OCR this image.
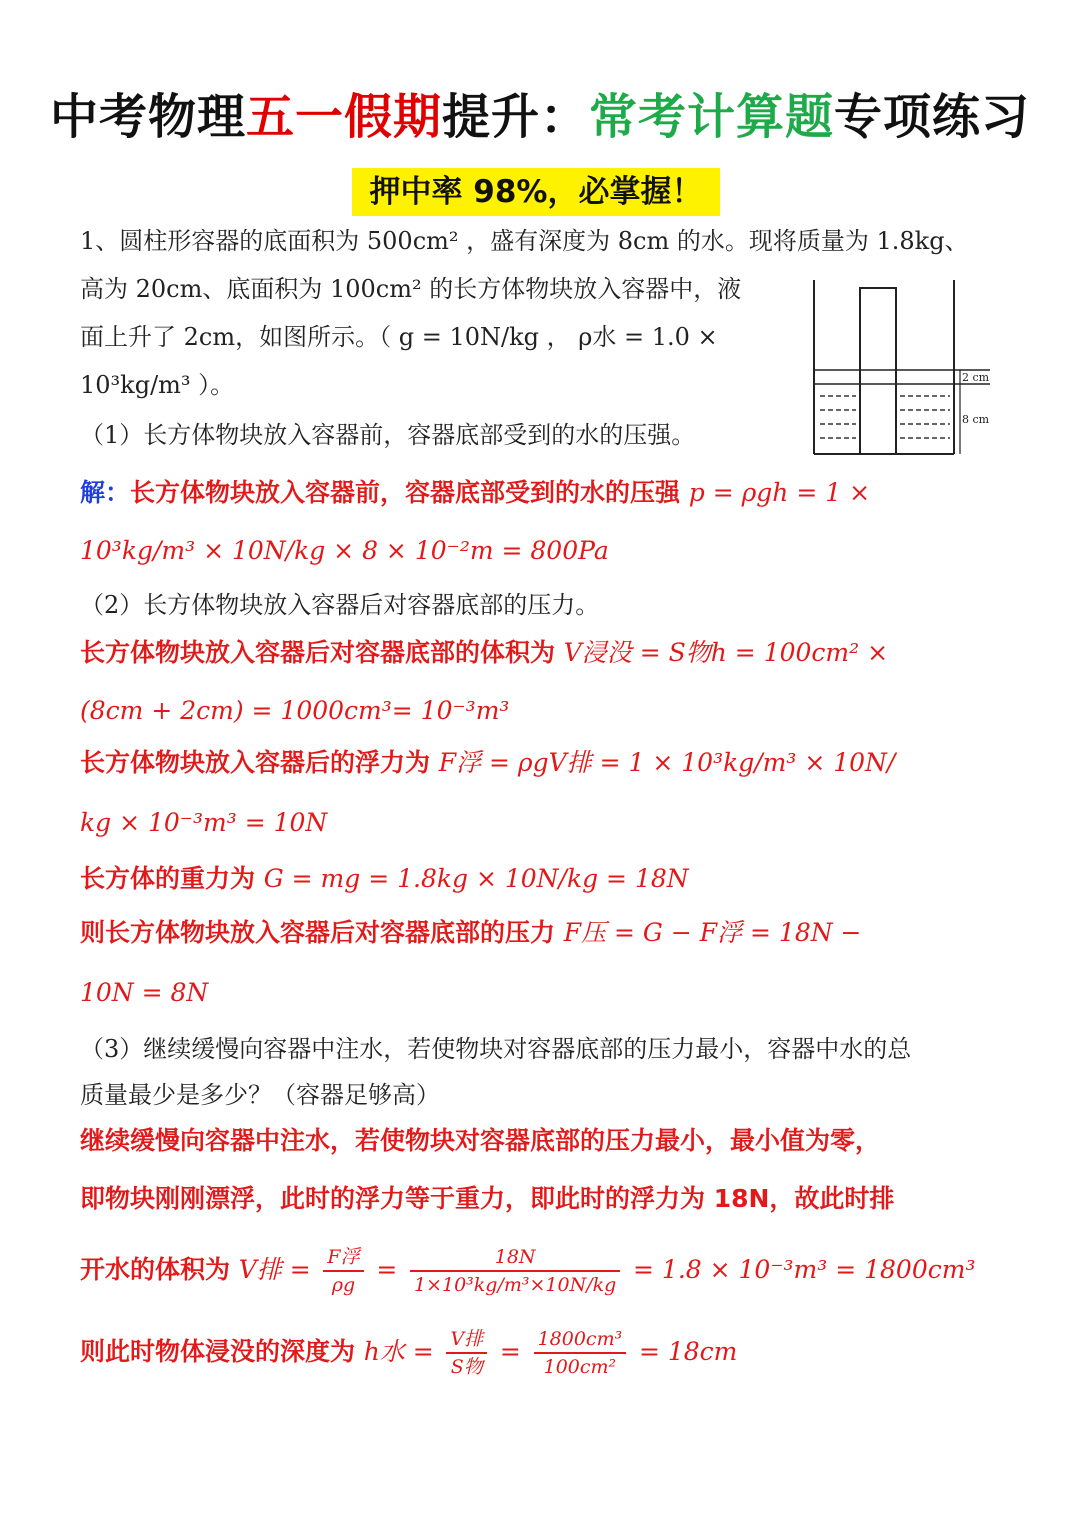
中考物理五一假期提升：常考计算题专项练习
押中率 98%，必掌握！
1、圆柱形容器的底面积为 500cm² ，盛有深度为 8cm 的水。现将质量为 1.8kg、
高为 20cm、底面积为 100cm² 的长方体物块放入容器中，液
面上升了 2cm，如图所示。（ g = 10N/kg ， ρ水 = 1.0 ×
10³kg/m³ ）。
（1）长方体物块放入容器前，容器底部受到的水的压强。
2 cm
8 cm
解：长方体物块放入容器前，容器底部受到的水的压强 p = ρgh = 1 ×
10³kg/m³ × 10N/kg × 8 × 10⁻²m = 800Pa
（2）长方体物块放入容器后对容器底部的压力。
长方体物块放入容器后对容器底部的体积为 V浸没 = S物h = 100cm² ×
(8cm + 2cm) = 1000cm³= 10⁻³m³
长方体物块放入容器后的浮力为 F浮 = ρgV排 = 1 × 10³kg/m³ × 10N/
kg × 10⁻³m³ = 10N
长方体的重力为 G = mg = 1.8kg × 10N/kg = 18N
则长方体物块放入容器后对容器底部的压力 F压 = G − F浮 = 18N −
10N = 8N
（3）继续缓慢向容器中注水，若使物块对容器底部的压力最小，容器中水的总
质量最少是多少？（容器足够高）
继续缓慢向容器中注水，若使物块对容器底部的压力最小，最小值为零，
即物块刚刚漂浮，此时的浮力等于重力，即此时的浮力为 18N，故此时排
开水的体积为 V排 = $\frac{\text{F浮}}{\rho g} = \frac{18N}{\text{1×10³kg/m³×10N/kg}} = 1.8 \times 10^{-3}m^3 = 1800cm^3$
则此时物体浸没的深度为 h水 = $\frac{\text{V排}}{\text{S物}} = \frac{\text{1800cm³}}{\text{100cm²}} = 18cm$
